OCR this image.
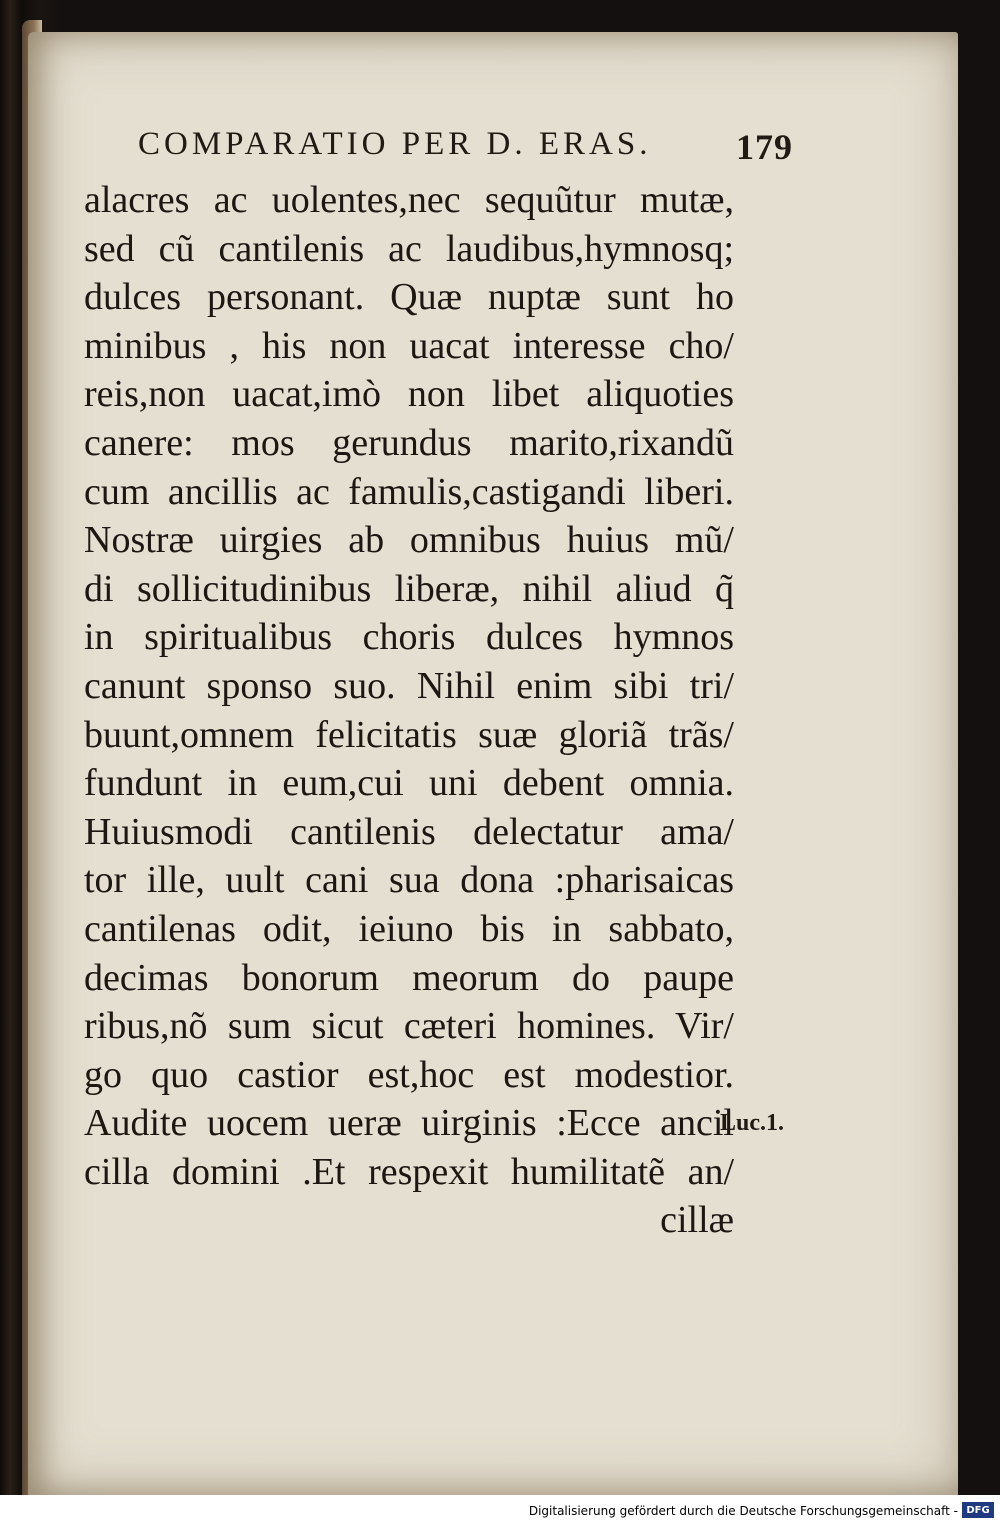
COMPARATIO PER D. ERAS. 179
alacres ac uolentes,nec sequũtur mutæ,
sed cũ cantilenis ac laudibus,hymnosq;
dulces personant. Quæ nuptæ sunt ho
minibus , his non uacat interesse cho/
reis,non uacat,imò non libet aliquoties
canere: mos gerundus marito,rixandũ
cum ancillis ac famulis,castigandi liberi.
Nostræ uirgies ab omnibus huius mũ/
di sollicitudinibus liberæ, nihil aliud q̃
in spiritualibus choris dulces hymnos
canunt sponso suo. Nihil enim sibi tri/
buunt,omnem felicitatis suæ gloriã trãs/
fundunt in eum,cui uni debent omnia.
Huiusmodi cantilenis delectatur ama/
tor ille, uult cani sua dona :pharisaicas
cantilenas odit, ieiuno bis in sabbato,
decimas bonorum meorum do paupe
ribus,nõ sum sicut cæteri homines. Vir/
go quo castior est,hoc est modestior.
Audite uocem ueræ uirginis :Ecce ancil
cilla domini .Et respexit humilitatẽ an/
cillæ
Luc.1.
Digitalisierung gefördert durch die Deutsche Forschungsgemeinschaft - DFG
